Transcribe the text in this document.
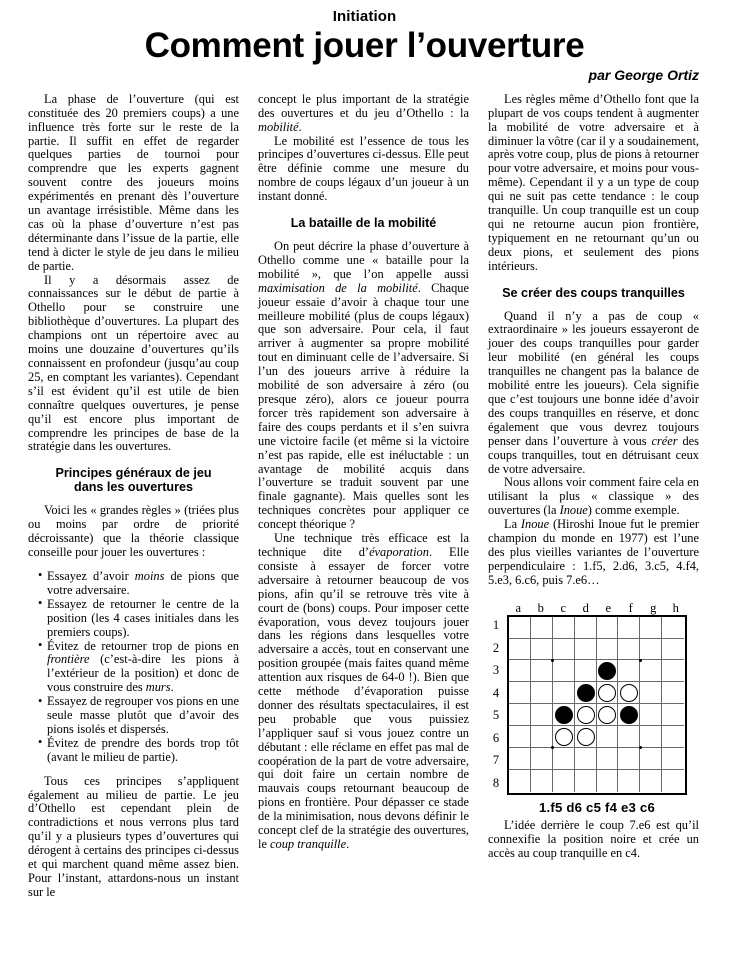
Initiation
Comment jouer l’ouverture
par George Ortiz

La phase de l’ouverture (qui est constituée des 20 premiers coups) a une influence très forte sur le reste de la partie. Il suffit en effet de regarder quelques parties de tournoi pour comprendre que les experts gagnent souvent contre des joueurs moins expérimentés en prenant dès l’ouverture un avantage irrésistible. Même dans les cas où la phase d’ouverture n’est pas déterminante dans l’issue de la partie, elle tend à dicter le style de jeu dans le milieu de partie.

Il y a désormais assez de connaissances sur le début de partie à Othello pour se construire une bibliothèque d’ouvertures. La plupart des champions ont un répertoire avec au moins une douzaine d’ouvertures qu’ils connaissent en profondeur (jusqu’au coup 25, en comptant les variantes). Cependant s’il est évident qu’il est utile de bien connaître quelques ouvertures, je pense qu’il est encore plus important de comprendre les principes de base de la stratégie dans les ouvertures.

Principes généraux de jeu
dans les ouvertures

Voici les « grandes règles » (triées plus ou moins par ordre de priorité décroissante) que la théorie classique conseille pour jouer les ouvertures :

• Essayez d’avoir moins de pions que votre adversaire.
• Essayez de retourner le centre de la position (les 4 cases initiales dans les premiers coups).
• Évitez de retourner trop de pions en frontière (c’est-à-dire les pions à l’extérieur de la position) et donc de vous construire des murs.
• Essayez de regrouper vos pions en une seule masse plutôt que d’avoir des pions isolés et dispersés.
• Évitez de prendre des bords trop tôt (avant le milieu de partie).

Tous ces principes s’appliquent également au milieu de partie. Le jeu d’Othello est cependant plein de contradictions et nous verrons plus tard qu’il y a plusieurs types d’ouvertures qui dérogent à certains des principes ci-dessus et qui marchent quand même assez bien. Pour l’instant, attardons-nous un instant sur le

concept le plus important de la stratégie des ouvertures et du jeu d’Othello : la mobilité.

Le mobilité est l’essence de tous les principes d’ouvertures ci-dessus. Elle peut être définie comme une mesure du nombre de coups légaux d’un joueur à un instant donné.

La bataille de la mobilité

On peut décrire la phase d’ouverture à Othello comme une « bataille pour la mobilité », que l’on appelle aussi maximisation de la mobilité. Chaque joueur essaie d’avoir à chaque tour une meilleure mobilité (plus de coups légaux) que son adversaire. Pour cela, il faut arriver à augmenter sa propre mobilité tout en diminuant celle de l’adversaire. Si l’un des joueurs arrive à réduire la mobilité de son adversaire à zéro (ou presque zéro), alors ce joueur pourra forcer très rapidement son adversaire à faire des coups perdants et il s’en suivra une victoire facile (et même si la victoire n’est pas rapide, elle est inéluctable : un avantage de mobilité acquis dans l’ouverture se traduit souvent par une finale gagnante). Mais quelles sont les techniques concrètes pour appliquer ce concept théorique ?

Une technique très efficace est la technique dite d’évaporation. Elle consiste à essayer de forcer votre adversaire à retourner beaucoup de vos pions, afin qu’il se retrouve très vite à court de (bons) coups. Pour imposer cette évaporation, vous devez toujours jouer dans les régions dans lesquelles votre adversaire a accès, tout en conservant une position groupée (mais faites quand même attention aux risques de 64-0 !). Bien que cette méthode d’évaporation puisse donner des résultats spectaculaires, il est peu probable que vous puissiez l’appliquer sauf si vous jouez contre un débutant : elle réclame en effet pas mal de coopération de la part de votre adversaire, qui doit faire un certain nombre de mauvais coups retournant beaucoup de pions en frontière. Pour dépasser ce stade de la minimisation, nous devons définir le concept clef de la stratégie des ouvertures, le coup tranquille.

Les règles même d’Othello font que la plupart de vos coups tendent à augmenter la mobilité de votre adversaire et à diminuer la vôtre (car il y a soudainement, après votre coup, plus de pions à retourner pour votre adversaire, et moins pour vous-même). Cependant il y a un type de coup qui ne suit pas cette tendance : le coup tranquille. Un coup tranquille est un coup qui ne retourne aucun pion frontière, typiquement en ne retournant qu’un ou deux pions, et seulement des pions intérieurs.

Se créer des coups tranquilles

Quand il n’y a pas de coup « extraordinaire » les joueurs essayeront de jouer des coups tranquilles pour garder leur mobilité (en général les coups tranquilles ne changent pas la balance de mobilité entre les joueurs). Cela signifie que c’est toujours une bonne idée d’avoir des coups tranquilles en réserve, et donc également que vous devrez toujours penser dans l’ouverture à vous créer des coups tranquilles, tout en détruisant ceux de votre adversaire.

Nous allons voir comment faire cela en utilisant la plus « classique » des ouvertures (la Inoue) comme exemple.

La Inoue (Hiroshi Inoue fut le premier champion du monde en 1977) est l’une des plus vieilles variantes de l’ouverture perpendiculaire : 1.f5, 2.d6, 3.c5, 4.f4, 5.e3, 6.c6, puis 7.e6…

a	b	c	d	e	f	g	h
1
2
3
4
5
6
7
8
1.f5 d6 c5 f4 e3 c6

L’idée derrière le coup 7.e6 est qu’il connexifie la position noire et crée un accès au coup tranquille en c4.
